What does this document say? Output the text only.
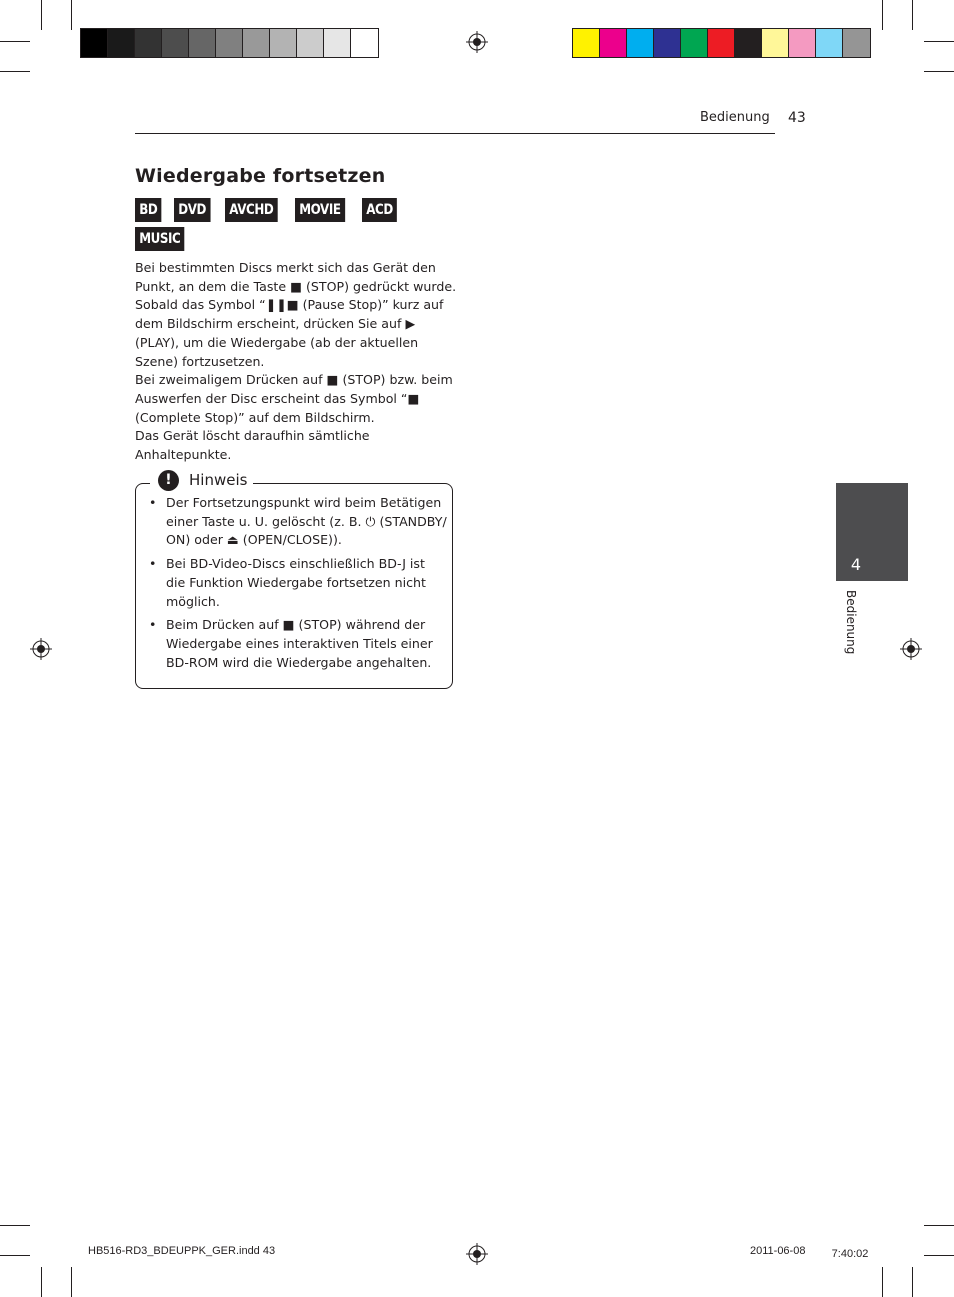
Bedienung 43
Wiedergabe fortsetzen
BD DVD AVCHD MOVIE ACD
MUSIC

Bei bestimmten Discs merkt sich das Gerät den Punkt, an dem die Taste ■ (STOP) gedrückt wurde. Sobald das Symbol “❚❚■ (Pause Stop)” kurz auf dem Bildschirm erscheint, drücken Sie auf ▶ (PLAY), um die Wiedergabe (ab der aktuellen Szene) fortzusetzen.

Bei zweimaligem Drücken auf ■ (STOP) bzw. beim Auswerfen der Disc erscheint das Symbol “■ (Complete Stop)” auf dem Bildschirm.

Das Gerät löscht daraufhin sämtliche Anhaltepunkte.

!	Hinweis
• Der Fortsetzungspunkt wird beim Betätigen einer Taste u. U. gelöscht (z. B. ⏻ (STANDBY/ ON) oder ⏏ (OPEN/CLOSE)).
• Bei BD-Video-Discs einschließlich BD-J ist die Funktion Wiedergabe fortsetzen nicht möglich.
• Beim Drücken auf ■ (STOP) während der Wiedergabe eines interaktiven Titels einer BD-ROM wird die Wiedergabe angehalten.
4
Bedienung
HB516-RD3_BDEUPPK_GER.indd 43	2011-06-08 ㅤ 7:40:02
